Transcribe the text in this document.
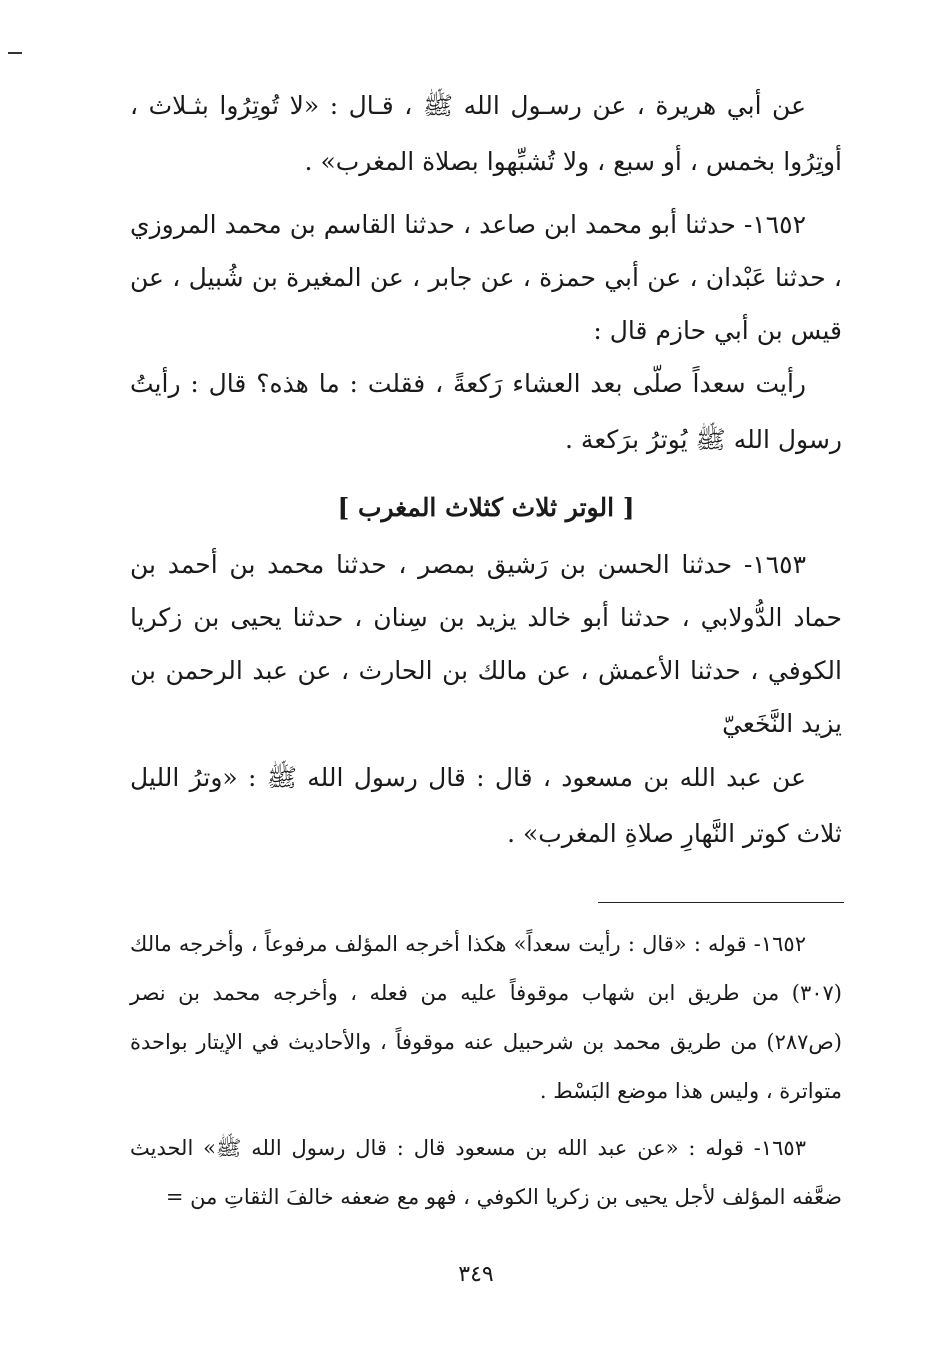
عن أبي هريرة ، عن رسـول الله ﷺ ، قـال : «لا تُوتِرُوا بثـلاث ، أوتِرُوا بخمس ، أو سبع ، ولا تُشبِّهوا بصلاة المغرب» .

١٦٥٢- حدثنا أبو محمد ابن صاعد ، حدثنا القاسم بن محمد المروزي ، حدثنا عَبْدان ، عن أبي حمزة ، عن جابر ، عن المغيرة بن شُبيل ، عن قيس بن أبي حازم قال :

رأيت سعداً صلّى بعد العشاء رَكعةً ، فقلت : ما هذه؟ قال : رأيتُ رسول الله ﷺ يُوترُ برَكعة .

[ الوتر ثلاث كثلاث المغرب ]

١٦٥٣- حدثنا الحسن بن رَشيق بمصر ، حدثنا محمد بن أحمد بن حماد الدُّولابي ، حدثنا أبو خالد يزيد بن سِنان ، حدثنا يحيى بن زكريا الكوفي ، حدثنا الأعمش ، عن مالك بن الحارث ، عن عبد الرحمن بن يزيد النَّخَعيّ

عن عبد الله بن مسعود ، قال : قال رسول الله ﷺ : «وترُ الليل ثلاث كوتر النَّهارِ صلاةِ المغرب» .

١٦٥٢- قوله : «قال : رأيت سعداً» هكذا أخرجه المؤلف مرفوعاً ، وأخرجه مالك (٣٠٧) من طريق ابن شهاب موقوفاً عليه من فعله ، وأخرجه محمد بن نصر (ص٢٨٧) من طريق محمد بن شرحبيل عنه موقوفاً ، والأحاديث في الإيتار بواحدة متواترة ، وليس هذا موضع البَسْط .

١٦٥٣- قوله : «عن عبد الله بن مسعود قال : قال رسول الله ﷺ» الحديث ضعَّفه المؤلف لأجل يحيى بن زكريا الكوفي ، فهو مع ضعفه خالفَ الثقاتِ من =

٣٤٩
